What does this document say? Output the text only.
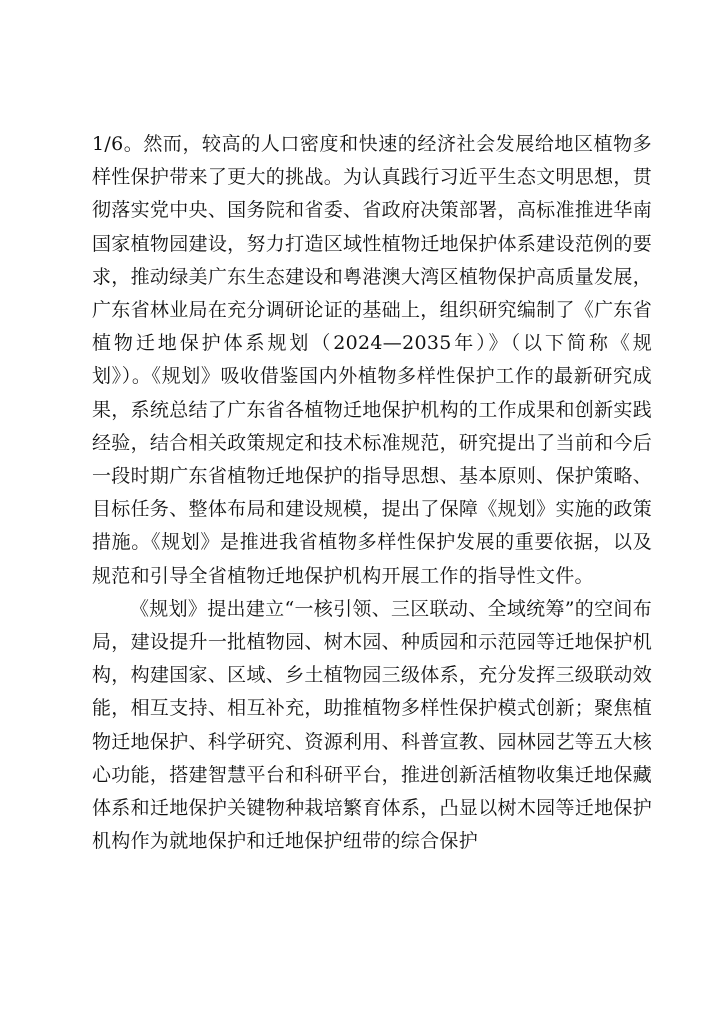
1/6。然而，较高的人口密度和快速的经济社会发展给地区植物多样性保护带来了更大的挑战。为认真践行习近平生态文明思想，贯彻落实党中央、国务院和省委、省政府决策部署，高标准推进华南国家植物园建设，努力打造区域性植物迁地保护体系建设范例的要求，推动绿美广东生态建设和粤港澳大湾区植物保护高质量发展，广东省林业局在充分调研论证的基础上，组织研究编制了《广东省植物迁地保护体系规划（2024—2035年）》（以下简称《规划》）。《规划》吸收借鉴国内外植物多样性保护工作的最新研究成果，系统总结了广东省各植物迁地保护机构的工作成果和创新实践经验，结合相关政策规定和技术标准规范，研究提出了当前和今后一段时期广东省植物迁地保护的指导思想、基本原则、保护策略、目标任务、整体布局和建设规模，提出了保障《规划》实施的政策措施。《规划》是推进我省植物多样性保护发展的重要依据，以及规范和引导全省植物迁地保护机构开展工作的指导性文件。

《规划》提出建立“一核引领、三区联动、全域统筹”的空间布局，建设提升一批植物园、树木园、种质园和示范园等迁地保护机构，构建国家、区域、乡土植物园三级体系，充分发挥三级联动效能，相互支持、相互补充，助推植物多样性保护模式创新；聚焦植物迁地保护、科学研究、资源利用、科普宣教、园林园艺等五大核心功能，搭建智慧平台和科研平台，推进创新活植物收集迁地保藏体系和迁地保护关键物种栽培繁育体系，凸显以树木园等迁地保护机构作为就地保护和迁地保护纽带的综合保护
